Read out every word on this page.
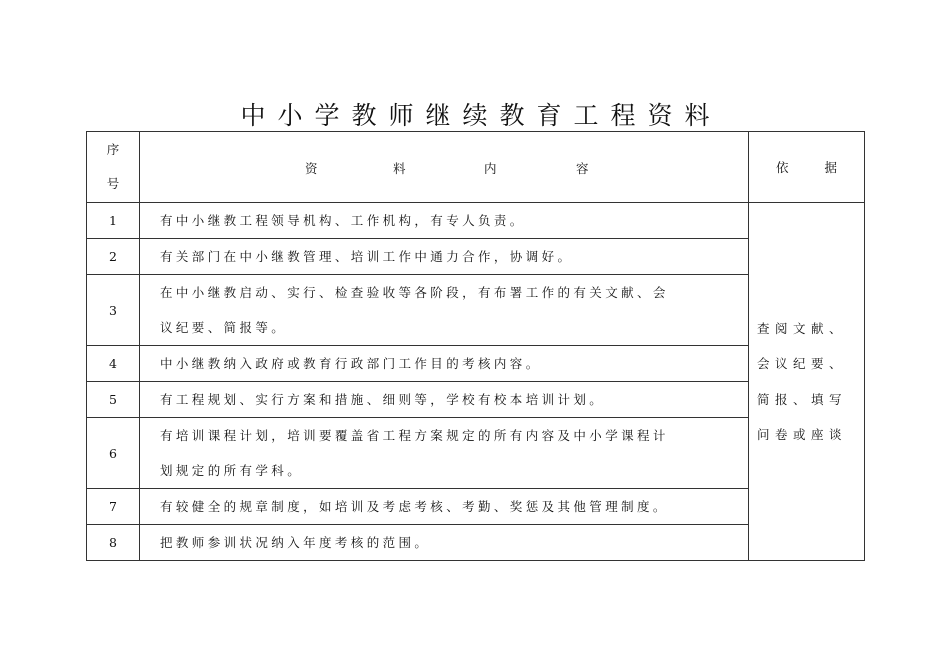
中小学教师继续教育工程资料
序
号	资 料 内 容	依 据
1	有中小继教工程领导机构、工作机构，有专人负责。	查阅文献、
会议纪要、
简报、填写
问卷或座谈

2	有关部门在中小继教管理、培训工作中通力合作，协调好。	
3	在中小继教启动、实行、检查验收等各阶段，有布署工作的有关文献、会
议纪要、简报等。	
4	中小继教纳入政府或教育行政部门工作目的考核内容。	
5	有工程规划、实行方案和措施、细则等，学校有校本培训计划。	
6	有培训课程计划，培训要覆盖省工程方案规定的所有内容及中小学课程计
划规定的所有学科。	
7	有较健全的规章制度，如培训及考虑考核、考勤、奖惩及其他管理制度。	
8	把教师参训状况纳入年度考核的范围。	
